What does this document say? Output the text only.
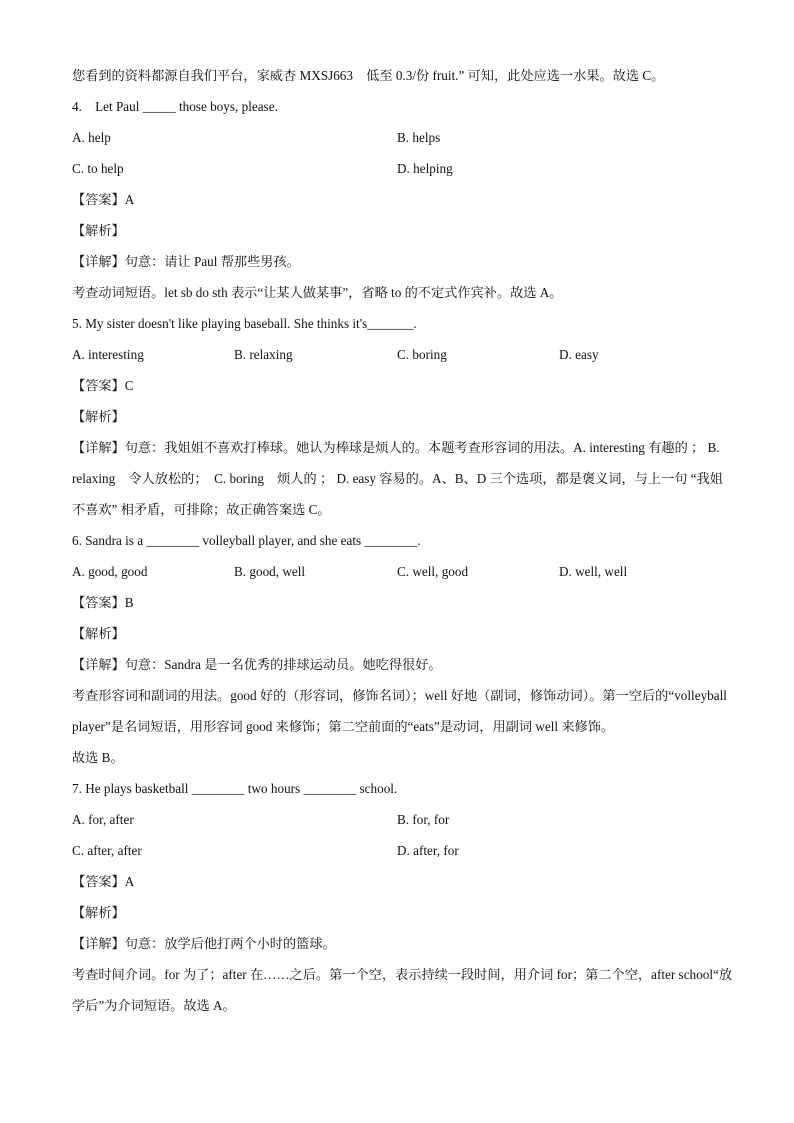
您看到的资料都源自我们平台，家威杏 MXSJ663　低至 0.3/份 fruit.” 可知，此处应选一水果。故选 C。
4.　Let Paul _____ those boys, please.
A. help	B. helps
C. to help	D. helping
【答案】A
【解析】
【详解】句意：请让 Paul 帮那些男孩。
考查动词短语。let sb do sth 表示“让某人做某事”，省略 to 的不定式作宾补。故选 A。
5. My sister doesn't like playing baseball. She thinks it's_______.
A. interesting	B. relaxing	C. boring	D. easy
【答案】C
【解析】
【详解】句意：我姐姐不喜欢打棒球。她认为棒球是烦人的。本题考查形容词的用法。A. interesting 有趣的 ； B. relaxing　令人放松的；　C. boring　烦人的 ； D. easy 容易的。A、B、D 三个选项，都是褒义词，与上一句 “我姐不喜欢” 相矛盾，可排除；故正确答案选 C。
6. Sandra is a ________ volleyball player, and she eats ________.
A. good, good	B. good, well	C. well, good	D. well, well
【答案】B
【解析】
【详解】句意：Sandra 是一名优秀的排球运动员。她吃得很好。
考查形容词和副词的用法。good 好的（形容词，修饰名词）；well 好地（副词，修饰动词）。第一空后的“volleyball player”是名词短语，用形容词 good 来修饰；第二空前面的“eats”是动词，用副词 well 来修饰。
故选 B。
7. He plays basketball ________ two hours ________ school.
A. for, after	B. for, for
C. after, after	D. after, for
【答案】A
【解析】
【详解】句意：放学后他打两个小时的篮球。
考查时间介词。for 为了；after 在……之后。第一个空，表示持续一段时间，用介词 for；第二个空，after school“放学后”为介词短语。故选 A。
